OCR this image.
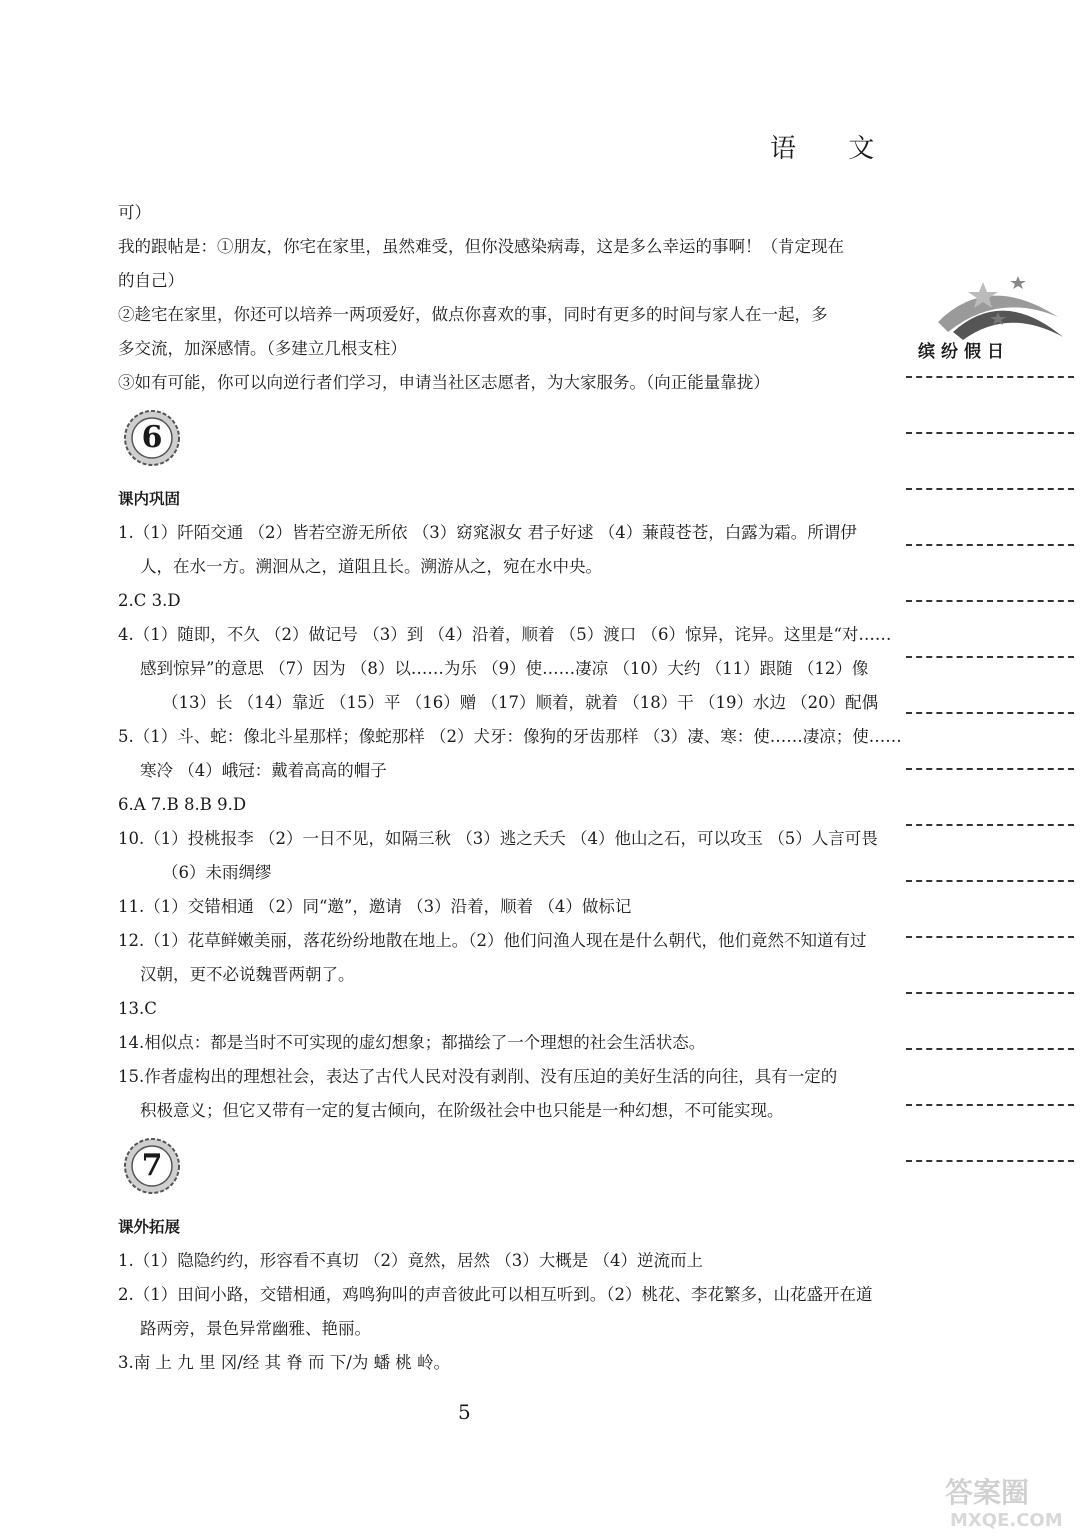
语 文
缤纷假日

可）

我的跟帖是：①朋友，你宅在家里，虽然难受，但你没感染病毒，这是多么幸运的事啊！（肯定现在

的自己）

②趁宅在家里，你还可以培养一两项爱好，做点你喜欢的事，同时有更多的时间与家人在一起，多

多交流，加深感情。（多建立几根支柱）

③如有可能，你可以向逆行者们学习，申请当社区志愿者，为大家服务。（向正能量靠拢）

6

课内巩固

1.（1）阡陌交通 （2）皆若空游无所依 （3）窈窕淑女 君子好逑 （4）蒹葭苍苍，白露为霜。所谓伊

人，在水一方。溯洄从之，道阻且长。溯游从之，宛在水中央。

2.C 3.D

4.（1）随即，不久 （2）做记号 （3）到 （4）沿着，顺着 （5）渡口 （6）惊异，诧异。这里是“对……

感到惊异”的意思 （7）因为 （8）以……为乐 （9）使……凄凉 （10）大约 （11）跟随 （12）像

（13）长 （14）靠近 （15）平 （16）赠 （17）顺着，就着 （18）干 （19）水边 （20）配偶

5.（1）斗、蛇：像北斗星那样；像蛇那样 （2）犬牙：像狗的牙齿那样 （3）凄、寒：使……凄凉；使……

寒冷 （4）峨冠：戴着高高的帽子

6.A 7.B 8.B 9.D

10.（1）投桃报李 （2）一日不见，如隔三秋 （3）逃之夭夭 （4）他山之石，可以攻玉 （5）人言可畏

（6）未雨绸缪

11.（1）交错相通 （2）同“邀”，邀请 （3）沿着，顺着 （4）做标记

12.（1）花草鲜嫩美丽，落花纷纷地散在地上。（2）他们问渔人现在是什么朝代，他们竟然不知道有过

汉朝，更不必说魏晋两朝了。

13.C

14.相似点：都是当时不可实现的虚幻想象；都描绘了一个理想的社会生活状态。

15.作者虚构出的理想社会，表达了古代人民对没有剥削、没有压迫的美好生活的向往，具有一定的

积极意义；但它又带有一定的复古倾向，在阶级社会中也只能是一种幻想，不可能实现。

7

课外拓展

1.（1）隐隐约约，形容看不真切 （2）竟然，居然 （3）大概是 （4）逆流而上

2.（1）田间小路，交错相通，鸡鸣狗叫的声音彼此可以相互听到。（2）桃花、李花繁多，山花盛开在道

路两旁，景色异常幽雅、艳丽。

3.南 上 九 里 冈/经 其 脊 而 下/为 蟠 桃 岭。

5
答案圈
MXQE.COM
